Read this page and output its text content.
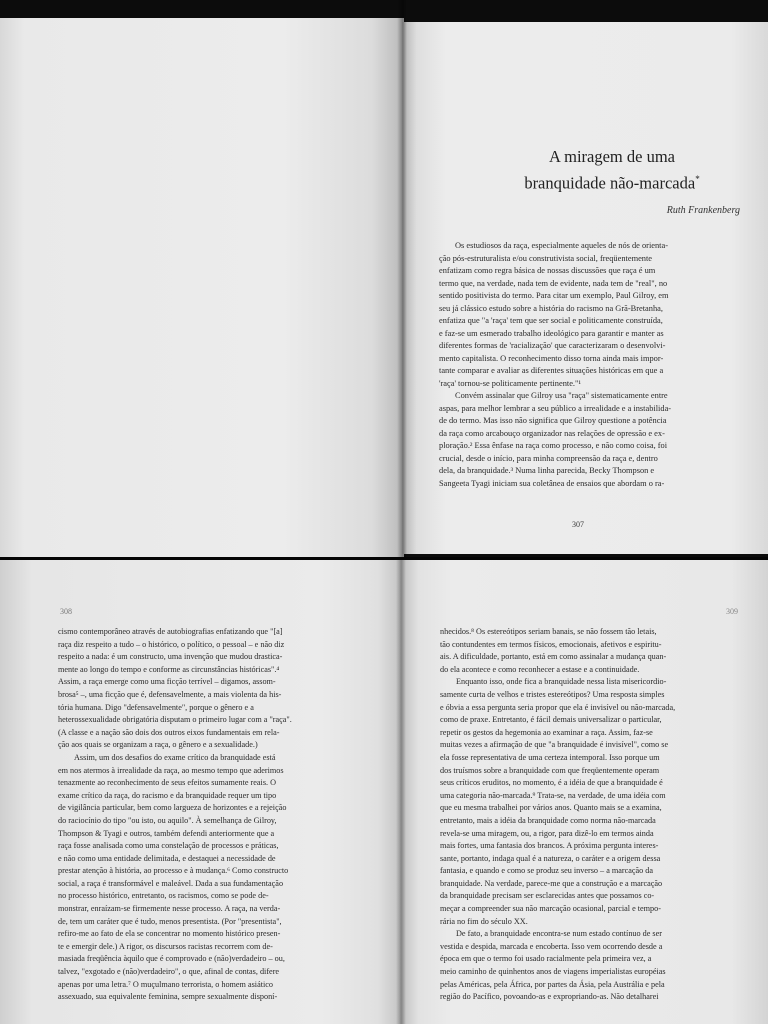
A miragem de uma
branquidade não-marcada*
Ruth Frankenberg
Os estudiosos da raça, especialmente aqueles de nós de orienta-
ção pós-estruturalista e/ou construtivista social, freqüentemente
enfatizam como regra básica de nossas discussões que raça é um
termo que, na verdade, nada tem de evidente, nada tem de "real", no
sentido positivista do termo. Para citar um exemplo, Paul Gilroy, em
seu já clássico estudo sobre a história do racismo na Grã-Bretanha,
enfatiza que "a 'raça' tem que ser social e politicamente construída,
e faz-se um esmerado trabalho ideológico para garantir e manter as
diferentes formas de 'racialização' que caracterizaram o desenvolvi-
mento capitalista. O reconhecimento disso torna ainda mais impor-
tante comparar e avaliar as diferentes situações históricas em que a
'raça' tornou-se politicamente pertinente."¹
Convém assinalar que Gilroy usa "raça" sistematicamente entre
aspas, para melhor lembrar a seu público a irrealidade e a instabilida-
de do termo. Mas isso não significa que Gilroy questione a potência
da raça como arcabouço organizador nas relações de opressão e ex-
ploração.² Essa ênfase na raça como processo, e não como coisa, foi
crucial, desde o início, para minha compreensão da raça e, dentro
dela, da branquidade.³ Numa linha parecida, Becky Thompson e
Sangeeta Tyagi iniciam sua coletânea de ensaios que abordam o ra-
307
308
cismo contemporâneo através de autobiografias enfatizando que "[a]
raça diz respeito a tudo – o histórico, o político, o pessoal – e não diz
respeito a nada: é um constructo, uma invenção que mudou drastica-
mente ao longo do tempo e conforme as circunstâncias históricas".⁴
Assim, a raça emerge como uma ficção terrível – digamos, assom-
brosa⁵ –, uma ficção que é, defensavelmente, a mais violenta da his-
tória humana. Digo "defensavelmente", porque o gênero e a
heterossexualidade obrigatória disputam o primeiro lugar com a "raça".
(A classe e a nação são dois dos outros eixos fundamentais em rela-
ção aos quais se organizam a raça, o gênero e a sexualidade.)
Assim, um dos desafios do exame crítico da branquidade está
em nos atermos à irrealidade da raça, ao mesmo tempo que aderimos
tenazmente ao reconhecimento de seus efeitos sumamente reais. O
exame crítico da raça, do racismo e da branquidade requer um tipo
de vigilância particular, bem como largueza de horizontes e a rejeição
do raciocínio do tipo "ou isto, ou aquilo". À semelhança de Gilroy,
Thompson & Tyagi e outros, também defendi anteriormente que a
raça fosse analisada como uma constelação de processos e práticas,
e não como uma entidade delimitada, e destaquei a necessidade de
prestar atenção à história, ao processo e à mudança.⁶ Como constructo
social, a raça é transformável e maleável. Dada a sua fundamentação
no processo histórico, entretanto, os racismos, como se pode de-
monstrar, enraízam-se firmemente nesse processo. A raça, na verda-
de, tem um caráter que é tudo, menos presentista. (Por "presentista",
refiro-me ao fato de ela se concentrar no momento histórico presen-
te e emergir dele.) A rigor, os discursos racistas recorrem com de-
masiada freqüência àquilo que é comprovado e (não)verdadeiro – ou,
talvez, "exgotado e (não)verdadeiro", o que, afinal de contas, difere
apenas por uma letra.⁷ O muçulmano terrorista, o homem asiático
assexuado, sua equivalente feminina, sempre sexualmente disponí-
309
nhecidos.⁸ Os estereótipos seriam banais, se não fossem tão letais,
tão contundentes em termos físicos, emocionais, afetivos e espiritu-
ais. A dificuldade, portanto, está em como assinalar a mudança quan-
do ela acontece e como reconhecer a estase e a continuidade.
Enquanto isso, onde fica a branquidade nessa lista misericordio-
samente curta de velhos e tristes estereótipos? Uma resposta simples
e óbvia a essa pergunta seria propor que ela é invisível ou não-marcada,
como de praxe. Entretanto, é fácil demais universalizar o particular,
repetir os gestos da hegemonia ao examinar a raça. Assim, faz-se
muitas vezes a afirmação de que "a branquidade é invisível", como se
ela fosse representativa de uma certeza intemporal. Isso porque um
dos truísmos sobre a branquidade com que freqüentemente operam
seus críticos eruditos, no momento, é a idéia de que a branquidade é
uma categoria não-marcada.⁹ Trata-se, na verdade, de uma idéia com
que eu mesma trabalhei por vários anos. Quanto mais se a examina,
entretanto, mais a idéia da branquidade como norma não-marcada
revela-se uma miragem, ou, a rigor, para dizê-lo em termos ainda
mais fortes, uma fantasia dos brancos. A próxima pergunta interes-
sante, portanto, indaga qual é a natureza, o caráter e a origem dessa
fantasia, e quando e como se produz seu inverso – a marcação da
branquidade. Na verdade, parece-me que a construção e a marcação
da branquidade precisam ser esclarecidas antes que possamos co-
meçar a compreender sua não marcação ocasional, parcial e tempo-
rária no fim do século XX.
De fato, a branquidade encontra-se num estado contínuo de ser
vestida e despida, marcada e encoberta. Isso vem ocorrendo desde a
época em que o termo foi usado racialmente pela primeira vez, a
meio caminho de quinhentos anos de viagens imperialistas européias
pelas Américas, pela África, por partes da Ásia, pela Austrália e pela
região do Pacífico, povoando-as e expropriando-as. Não detalharei
